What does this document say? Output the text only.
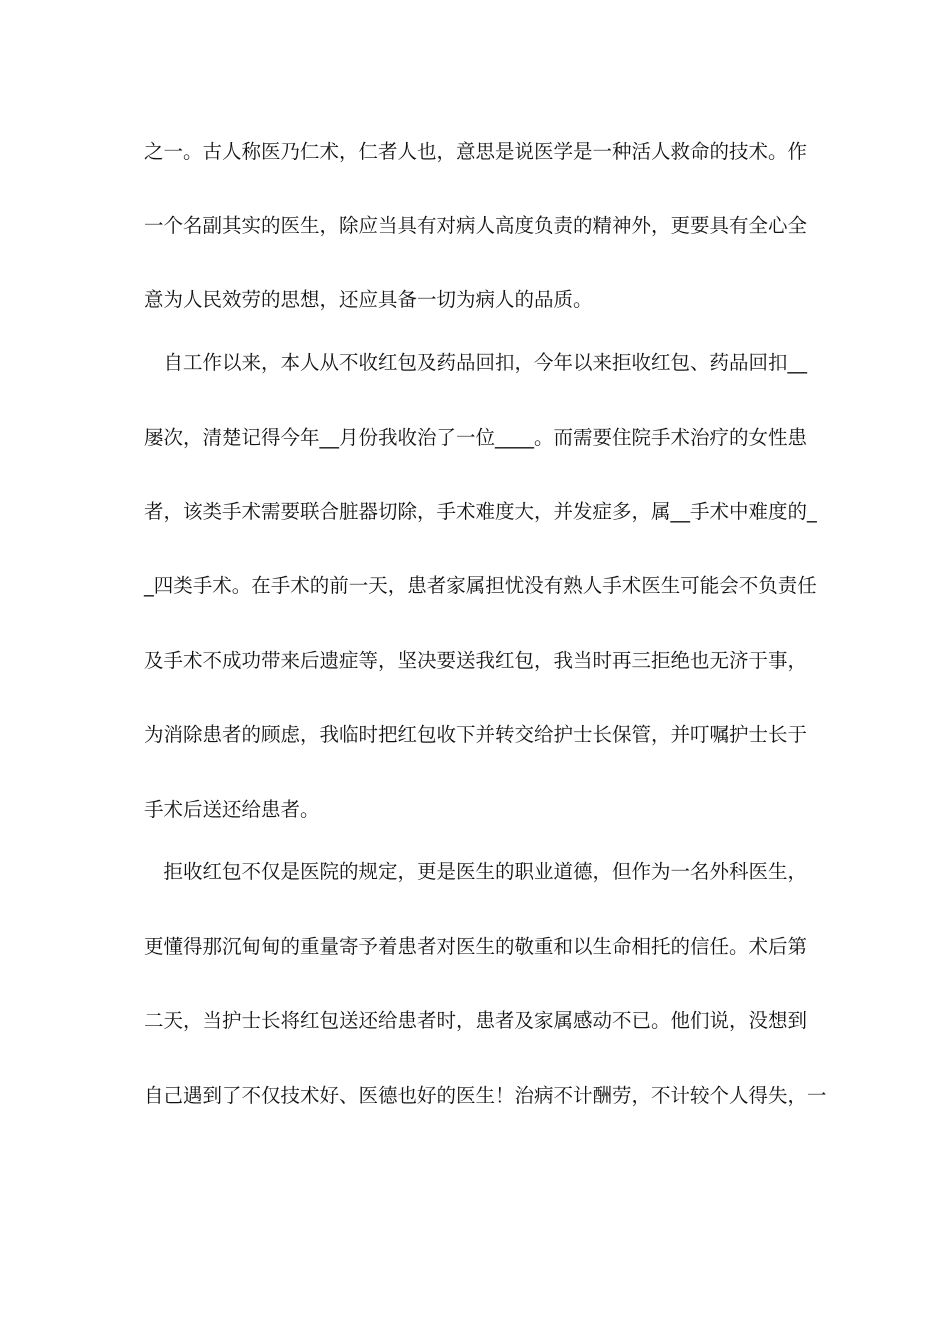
之一。古人称医乃仁术，仁者人也，意思是说医学是一种活人救命的技术。作
一个名副其实的医生，除应当具有对病人高度负责的精神外，更要具有全心全
意为人民效劳的思想，还应具备一切为病人的品质。
　自工作以来，本人从不收红包及药品回扣，今年以来拒收红包、药品回扣__
屡次，清楚记得今年__月份我收治了一位____。而需要住院手术治疗的女性患
者，该类手术需要联合脏器切除，手术难度大，并发症多，属__手术中难度的_
_四类手术。在手术的前一天，患者家属担忧没有熟人手术医生可能会不负责任
及手术不成功带来后遗症等，坚决要送我红包，我当时再三拒绝也无济于事，
为消除患者的顾虑，我临时把红包收下并转交给护士长保管，并叮嘱护士长于
手术后送还给患者。
　拒收红包不仅是医院的规定，更是医生的职业道德，但作为一名外科医生，
更懂得那沉甸甸的重量寄予着患者对医生的敬重和以生命相托的信任。术后第
二天，当护士长将红包送还给患者时，患者及家属感动不已。他们说，没想到
自己遇到了不仅技术好、医德也好的医生！治病不计酬劳，不计较个人得失，一
